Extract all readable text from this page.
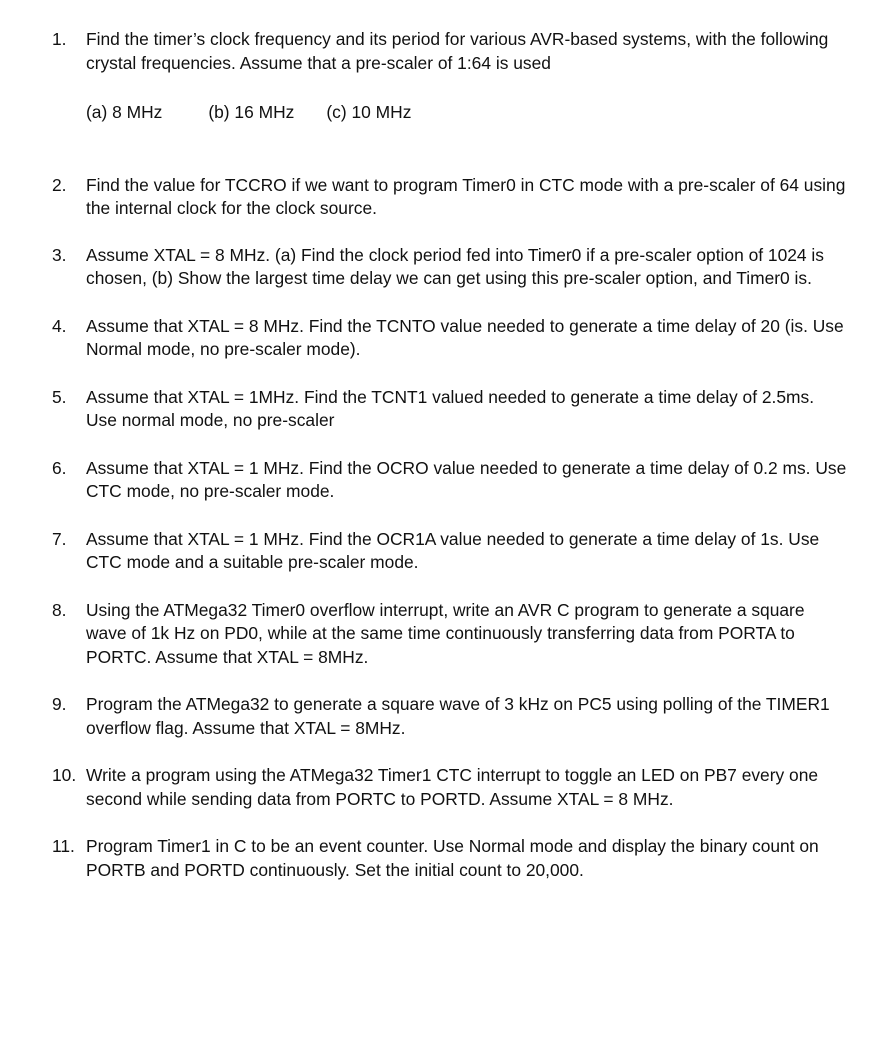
1.	Find the timer’s clock frequency and its period for various AVR-based systems, with the following crystal frequencies. Assume that a pre-scaler of 1:64 is used

(a) 8 MHz	(b) 16 MHz (c) 10 MHz
2.	Find the value for TCCRO if we want to program Timer0 in CTC mode with a pre-scaler of 64 using the internal clock for the clock source.

3.	Assume XTAL = 8 MHz. (a) Find the clock period fed into Timer0 if a pre-scaler option of 1024 is chosen, (b) Show the largest time delay we can get using this pre-scaler option, and Timer0 is.

4.	Assume that XTAL = 8 MHz. Find the TCNTO value needed to generate a time delay of 20 (is. Use Normal mode, no pre-scaler mode).

5.	Assume that XTAL = 1MHz. Find the TCNT1 valued needed to generate a time delay of 2.5ms.   Use normal mode, no pre-scaler

6.	Assume that XTAL = 1 MHz. Find the OCRO value needed to generate a time delay of 0.2 ms. Use CTC mode, no pre-scaler mode.

7.	Assume that XTAL = 1 MHz. Find the OCR1A value needed to generate a time delay of 1s. Use CTC mode and a suitable pre-scaler mode.

8.	Using the ATMega32 Timer0 overflow interrupt, write an AVR C program to generate a square wave of 1k Hz on PD0, while at the same time continuously transferring data from PORTA to PORTC. Assume that XTAL = 8MHz.

9.	Program the ATMega32 to generate a square wave of 3 kHz on PC5 using polling of the TIMER1 overflow flag. Assume that XTAL = 8MHz.

10. Write a program using the ATMega32 Timer1 CTC interrupt to toggle an LED on PB7 every one second while sending data from PORTC to PORTD. Assume XTAL = 8 MHz.

11. Program Timer1 in C to be an event counter. Use Normal mode and display the binary count on PORTB and PORTD continuously. Set the initial count to 20,000.
